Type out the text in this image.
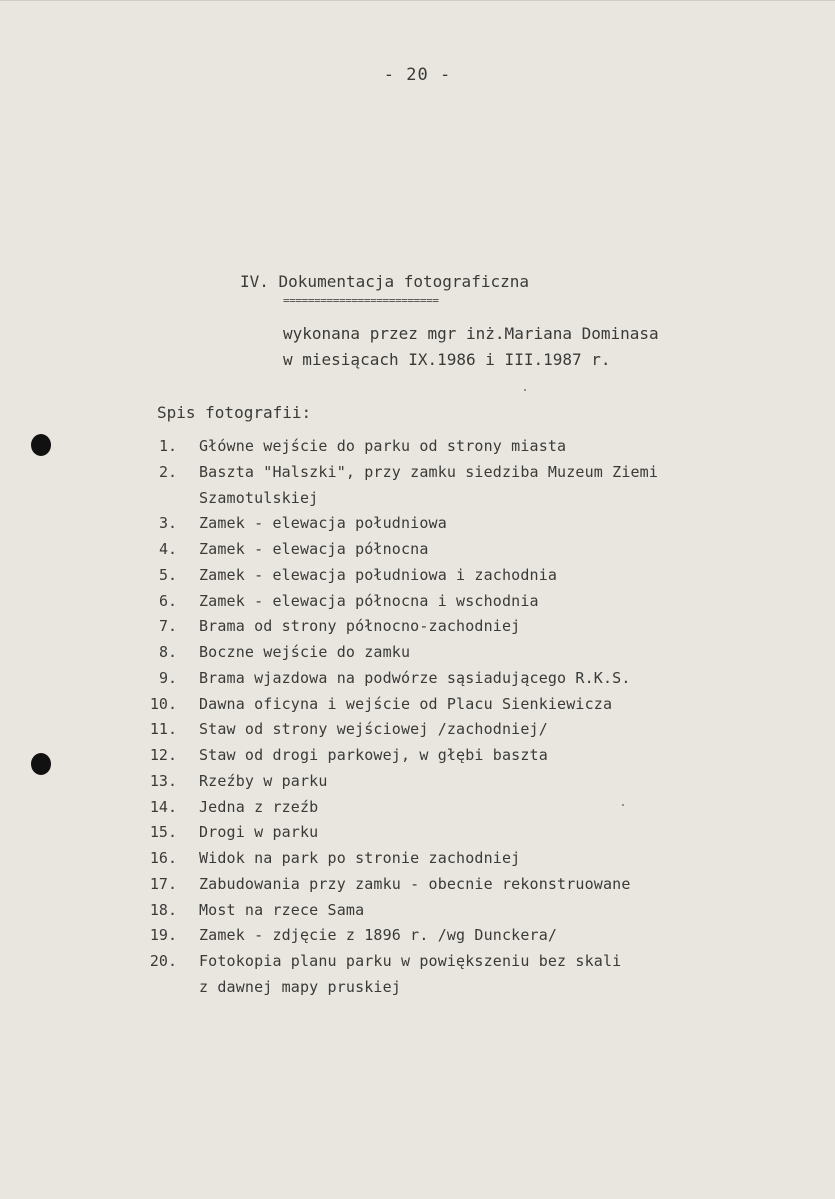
- 20 -
IV. Dokumentacja fotograficzna
=========================
wykonana przez mgr inż.Mariana Dominasa
w miesiącach IX.1986 i III.1987 r.
Spis fotografii:
1. Główne wejście do parku od strony miasta
2. Baszta "Halszki", przy zamku siedziba Muzeum Ziemi
Szamotulskiej
3. Zamek - elewacja południowa
4. Zamek - elewacja północna
5. Zamek - elewacja południowa i zachodnia
6. Zamek - elewacja północna i wschodnia
7. Brama od strony północno-zachodniej
8. Boczne wejście do zamku
9. Brama wjazdowa na podwórze sąsiadującego R.K.S.
10. Dawna oficyna i wejście od Placu Sienkiewicza
11. Staw od strony wejściowej /zachodniej/
12. Staw od drogi parkowej, w głębi baszta
13. Rzeźby w parku
14. Jedna z rzeźb
15. Drogi w parku
16. Widok na park po stronie zachodniej
17. Zabudowania przy zamku - obecnie rekonstruowane
18. Most na rzece Sama
19. Zamek - zdjęcie z 1896 r. /wg Dunckera/
20. Fotokopia planu parku w powiększeniu bez skali
z dawnej mapy pruskiej
